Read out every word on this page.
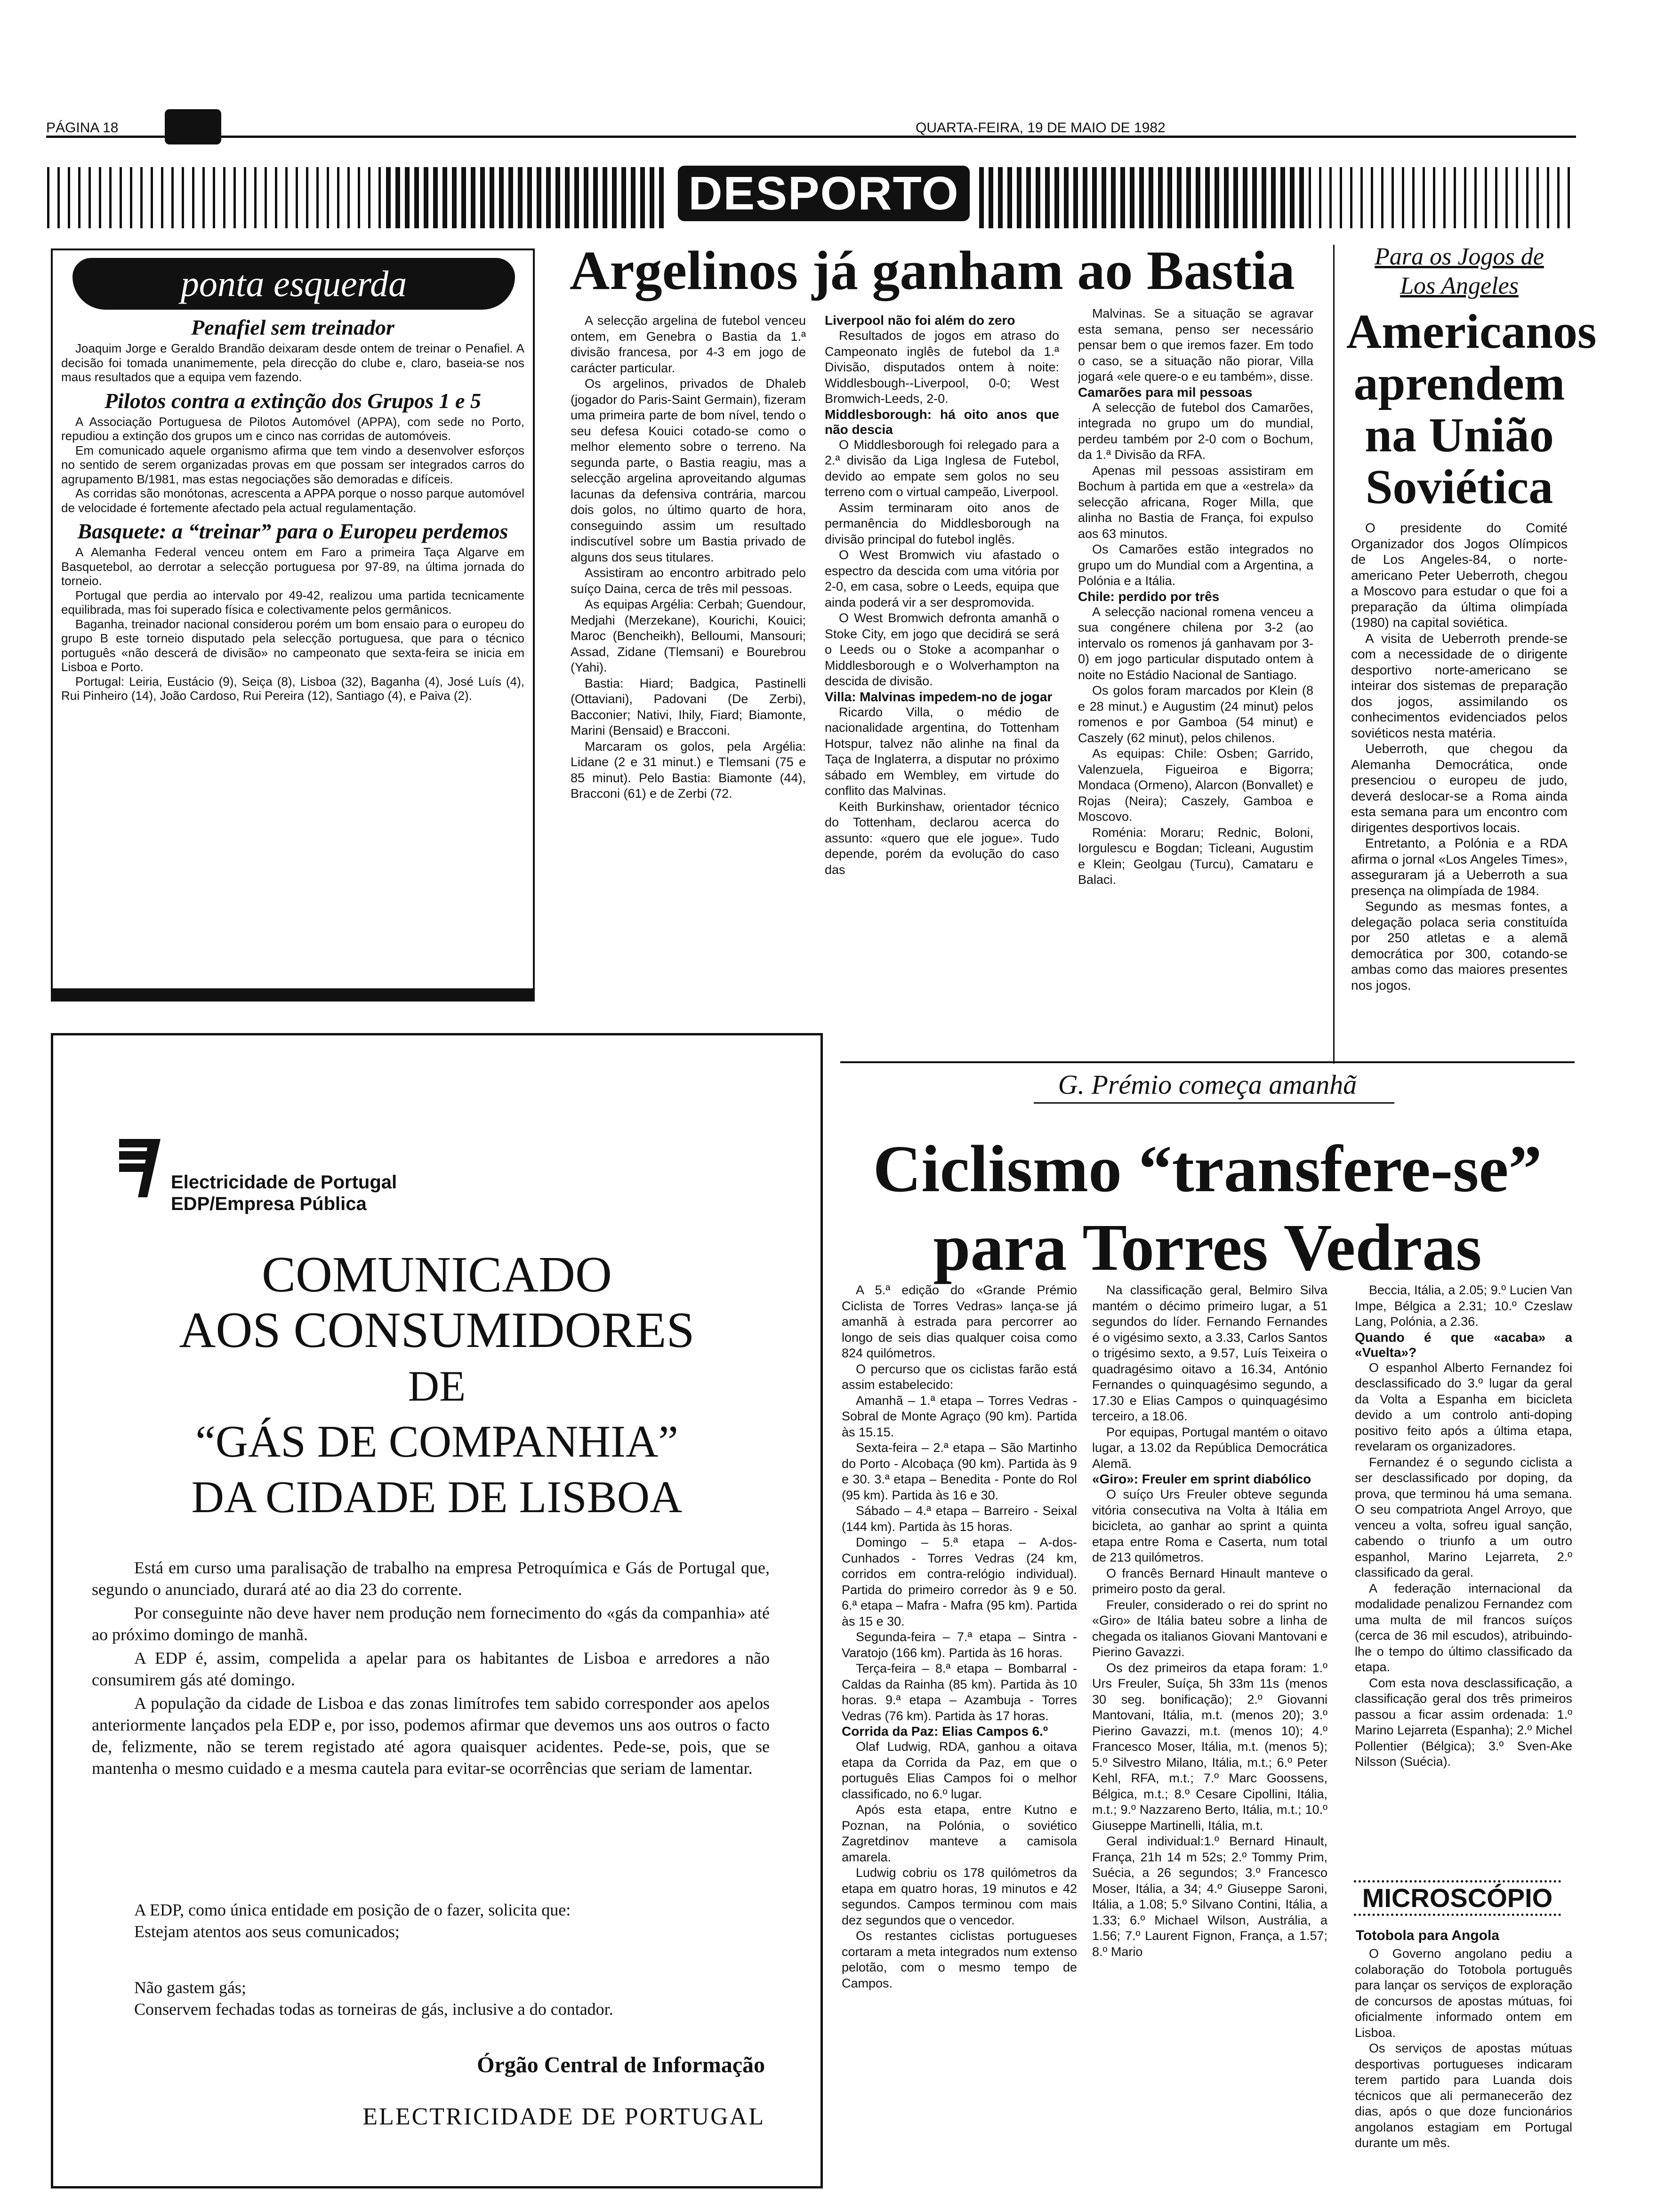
PÁGINA 18	QUARTA-FEIRA, 19 DE MAIO DE 1982
DESPORTO
ponta esquerda
Penafiel sem treinador

Joaquim Jorge e Geraldo Brandão deixaram desde ontem de treinar o Penafiel. A decisão foi tomada unanimemente, pela direcção do clube e, claro, baseia-se nos maus resultados que a equipa vem fazendo.

Pilotos contra a extinção dos Grupos 1 e 5

A Associação Portuguesa de Pilotos Automóvel (APPA), com sede no Porto, repudiou a extinção dos grupos um e cinco nas corridas de automóveis.

Em comunicado aquele organismo afirma que tem vindo a desenvolver esforços no sentido de serem organizadas provas em que possam ser integrados carros do agrupamento B/1981, mas estas negociações são demoradas e difíceis.

As corridas são monótonas, acrescenta a APPA porque o nosso parque automóvel de velocidade é fortemente afectado pela actual regulamentação.

Basquete: a “treinar” para o Europeu perdemos

A Alemanha Federal venceu ontem em Faro a primeira Taça Algarve em Basquetebol, ao derrotar a selecção portuguesa por 97-89, na última jornada do torneio.

Portugal que perdia ao intervalo por 49-42, realizou uma partida tecnicamente equilibrada, mas foi superado física e colectivamente pelos germânicos.

Baganha, treinador nacional considerou porém um bom ensaio para o europeu do grupo B este torneio disputado pela selecção portuguesa, que para o técnico português «não descerá de divisão» no campeonato que sexta-feira se inicia em Lisboa e Porto.

Portugal: Leiria, Eustácio (9), Seiça (8), Lisboa (32), Baganha (4), José Luís (4), Rui Pinheiro (14), João Cardoso, Rui Pereira (12), Santiago (4), e Paiva (2).

Argelinos já ganham ao Bastia

A selecção argelina de futebol venceu ontem, em Genebra o Bastia da 1.ª divisão francesa, por 4-3 em jogo de carácter particular.

Os argelinos, privados de Dhaleb (jogador do Paris-Saint Germain), fizeram uma primeira parte de bom nível, tendo o seu defesa Kouici cotado-se como o melhor elemento sobre o terreno. Na segunda parte, o Bastia reagiu, mas a selecção argelina aproveitando algumas lacunas da defensiva contrária, marcou dois golos, no último quarto de hora, conseguindo assim um resultado indiscutível sobre um Bastia privado de alguns dos seus titulares.

Assistiram ao encontro arbitrado pelo suíço Daina, cerca de três mil pessoas.

As equipas Argélia: Cerbah; Guendour, Medjahi (Merzekane), Kourichi, Kouici; Maroc (Bencheikh), Belloumi, Mansouri; Assad, Zidane (Tlemsani) e Bourebrou (Yahi).

Bastia: Hiard; Badgica, Pastinelli (Ottaviani), Padovani (De Zerbi), Bacconier; Nativi, Ihily, Fiard; Biamonte, Marini (Bensaid) e Bracconi.

Marcaram os golos, pela Argélia: Lidane (2 e 31 minut.) e Tlemsani (75 e 85 minut). Pelo Bastia: Biamonte (44), Bracconi (61) e de Zerbi (72.

Liverpool não foi além do zero

Resultados de jogos em atraso do Campeonato inglês de futebol da 1.ª Divisão, disputados ontem à noite: Widdlesbough--Liverpool, 0-0; West Bromwich-Leeds, 2-0.

Middlesborough: há oito anos que não descia

O Middlesborough foi relegado para a 2.ª divisão da Liga Inglesa de Futebol, devido ao empate sem golos no seu terreno com o virtual campeão, Liverpool.

Assim terminaram oito anos de permanência do Middlesborough na divisão principal do futebol inglês.

O West Bromwich viu afastado o espectro da descida com uma vitória por 2-0, em casa, sobre o Leeds, equipa que ainda poderá vir a ser despromovida.

O West Bromwich defronta amanhã o Stoke City, em jogo que decidirá se será o Leeds ou o Stoke a acompanhar o Middlesborough e o Wolverhampton na descida de divisão.

Villa: Malvinas impedem-no de jogar

Ricardo Villa, o médio de nacionalidade argentina, do Tottenham Hotspur, talvez não alinhe na final da Taça de Inglaterra, a disputar no próximo sábado em Wembley, em virtude do conflito das Malvinas.

Keith Burkinshaw, orientador técnico do Tottenham, declarou acerca do assunto: «quero que ele jogue». Tudo depende, porém da evolução do caso das

Malvinas. Se a situação se agravar esta semana, penso ser necessário pensar bem o que iremos fazer. Em todo o caso, se a situação não piorar, Villa jogará «ele quere-o e eu também», disse.

Camarões para mil pessoas

A selecção de futebol dos Camarões, integrada no grupo um do mundial, perdeu também por 2-0 com o Bochum, da 1.ª Divisão da RFA.

Apenas mil pessoas assistiram em Bochum à partida em que a «estrela» da selecção africana, Roger Milla, que alinha no Bastia de França, foi expulso aos 63 minutos.

Os Camarões estão integrados no grupo um do Mundial com a Argentina, a Polónia e a Itália.

Chile: perdido por três

A selecção nacional romena venceu a sua congénere chilena por 3-2 (ao intervalo os romenos já ganhavam por 3-0) em jogo particular disputado ontem à noite no Estádio Nacional de Santiago.

Os golos foram marcados por Klein (8 e 28 minut.) e Augustim (24 minut) pelos romenos e por Gamboa (54 minut) e Caszely (62 minut), pelos chilenos.

As equipas: Chile: Osben; Garrido, Valenzuela, Figueiroa e Bigorra; Mondaca (Ormeno), Alarcon (Bonvallet) e Rojas (Neira); Caszely, Gamboa e Moscovo.

Roménia: Moraru; Rednic, Boloni, Iorgulescu e Bogdan; Ticleani, Augustim e Klein; Geolgau (Turcu), Camataru e Balaci.

Para os Jogos de Los Angeles
Americanos aprendem na União Soviética

O presidente do Comité Organizador dos Jogos Olímpicos de Los Angeles-84, o norte-americano Peter Ueberroth, chegou a Moscovo para estudar o que foi a preparação da última olimpíada (1980) na capital soviética.

A visita de Ueberroth prende-se com a necessidade de o dirigente desportivo norte-americano se inteirar dos sistemas de preparação dos jogos, assimilando os conhecimentos evidenciados pelos soviéticos nesta matéria.

Ueberroth, que chegou da Alemanha Democrática, onde presenciou o europeu de judo, deverá deslocar-se a Roma ainda esta semana para um encontro com dirigentes desportivos locais.

Entretanto, a Polónia e a RDA afirma o jornal «Los Angeles Times», asseguraram já a Ueberroth a sua presença na olimpíada de 1984.

Segundo as mesmas fontes, a delegação polaca seria constituída por 250 atletas e a alemã democrática por 300, cotando-se ambas como das maiores presentes nos jogos.

Electricidade de Portugal
EDP/Empresa Pública
COMUNICADO
AOS CONSUMIDORES
DE
“GÁS DE COMPANHIA”
DA CIDADE DE LISBOA

Está em curso uma paralisação de trabalho na empresa Petroquímica e Gás de Portugal que, segundo o anunciado, durará até ao dia 23 do corrente.

Por conseguinte não deve haver nem produção nem fornecimento do «gás da companhia» até ao próximo domingo de manhã.

A EDP é, assim, compelida a apelar para os habitantes de Lisboa e arredores a não consumirem gás até domingo.

A população da cidade de Lisboa e das zonas limítrofes tem sabido corresponder aos apelos anteriormente lançados pela EDP e, por isso, podemos afirmar que devemos uns aos outros o facto de, felizmente, não se terem registado até agora quaisquer acidentes. Pede-se, pois, que se mantenha o mesmo cuidado e a mesma cautela para evitar-se ocorrências que seriam de lamentar.

A EDP, como única entidade em posição de o fazer, solicita que:
Estejam atentos aos seus comunicados;
Não gastem gás;
Conservem fechadas todas as torneiras de gás, inclusive a do contador.
Órgão Central de Informação
ELECTRICIDADE DE PORTUGAL
G. Prémio começa amanhã
Ciclismo “transfere-se”
para Torres Vedras

A 5.ª edição do «Grande Prémio Ciclista de Torres Vedras» lança-se já amanhã à estrada para percorrer ao longo de seis dias qualquer coisa como 824 quilómetros.

O percurso que os ciclistas farão está assim estabelecido:

Amanhã – 1.ª etapa – Torres Vedras - Sobral de Monte Agraço (90 km). Partida às 15.15.

Sexta-feira – 2.ª etapa – São Martinho do Porto - Alcobaça (90 km). Partida às 9 e 30. 3.ª etapa – Benedita - Ponte do Rol (95 km). Partida às 16 e 30.

Sábado – 4.ª etapa – Barreiro - Seixal (144 km). Partida às 15 horas.

Domingo – 5.ª etapa – A-dos-Cunhados - Torres Vedras (24 km, corridos em contra-relógio individual). Partida do primeiro corredor às 9 e 50. 6.ª etapa – Mafra - Mafra (95 km). Partida às 15 e 30.

Segunda-feira – 7.ª etapa – Sintra - Varatojo (166 km). Partida às 16 horas.

Terça-feira – 8.ª etapa – Bombarral - Caldas da Rainha (85 km). Partida às 10 horas. 9.ª etapa – Azambuja - Torres Vedras (76 km). Partida às 17 horas.

Corrida da Paz: Elias Campos 6.º

Olaf Ludwig, RDA, ganhou a oitava etapa da Corrida da Paz, em que o português Elias Campos foi o melhor classificado, no 6.º lugar.

Após esta etapa, entre Kutno e Poznan, na Polónia, o soviético Zagretdinov manteve a camisola amarela.

Ludwig cobriu os 178 quilómetros da etapa em quatro horas, 19 minutos e 42 segundos. Campos terminou com mais dez segundos que o vencedor.

Os restantes ciclistas portugueses cortaram a meta integrados num extenso pelotão, com o mesmo tempo de Campos.

Na classificação geral, Belmiro Silva mantém o décimo primeiro lugar, a 51 segundos do líder. Fernando Fernandes é o vigésimo sexto, a 3.33, Carlos Santos o trigésimo sexto, a 9.57, Luís Teixeira o quadragésimo oitavo a 16.34, António Fernandes o quinquagésimo segundo, a 17.30 e Elias Campos o quinquagésimo terceiro, a 18.06.

Por equipas, Portugal mantém o oitavo lugar, a 13.02 da República Democrática Alemã.

«Giro»: Freuler em sprint diabólico

O suíço Urs Freuler obteve segunda vitória consecutiva na Volta à Itália em bicicleta, ao ganhar ao sprint a quinta etapa entre Roma e Caserta, num total de 213 quilómetros.

O francês Bernard Hinault manteve o primeiro posto da geral.

Freuler, considerado o rei do sprint no «Giro» de Itália bateu sobre a linha de chegada os italianos Giovani Mantovani e Pierino Gavazzi.

Os dez primeiros da etapa foram: 1.º Urs Freuler, Suíça, 5h 33m 11s (menos 30 seg. bonificação); 2.º Giovanni Mantovani, Itália, m.t. (menos 20); 3.º Pierino Gavazzi, m.t. (menos 10); 4.º Francesco Moser, Itália, m.t. (menos 5); 5.º Silvestro Milano, Itália, m.t.; 6.º Peter Kehl, RFA, m.t.; 7.º Marc Goossens, Bélgica, m.t.; 8.º Cesare Cipollini, Itália, m.t.; 9.º Nazzareno Berto, Itália, m.t.; 10.º Giuseppe Martinelli, Itália, m.t.

Geral individual:1.º Bernard Hinault, França, 21h 14 m 52s; 2.º Tommy Prim, Suécia, a 26 segundos; 3.º Francesco Moser, Itália, a 34; 4.º Giuseppe Saroni, Itália, a 1.08; 5.º Silvano Contini, Itália, a 1.33; 6.º Michael Wilson, Austrália, a 1.56; 7.º Laurent Fignon, França, a 1.57; 8.º Mario

Beccia, Itália, a 2.05; 9.º Lucien Van Impe, Bélgica a 2.31; 10.º Czeslaw Lang, Polónia, a 2.36.

Quando é que «acaba» a «Vuelta»?

O espanhol Alberto Fernandez foi desclassificado do 3.º lugar da geral da Volta a Espanha em bicicleta devido a um controlo anti-doping positivo feito após a última etapa, revelaram os organizadores.

Fernandez é o segundo ciclista a ser desclassificado por doping, da prova, que terminou há uma semana. O seu compatriota Angel Arroyo, que venceu a volta, sofreu igual sanção, cabendo o triunfo a um outro espanhol, Marino Lejarreta, 2.º classificado da geral.

A federação internacional da modalidade penalizou Fernandez com uma multa de mil francos suíços (cerca de 36 mil escudos), atribuindo-lhe o tempo do último classificado da etapa.

Com esta nova desclassificação, a classificação geral dos três primeiros passou a ficar assim ordenada: 1.º Marino Lejarreta (Espanha); 2.º Michel Pollentier (Bélgica); 3.º Sven-Ake Nilsson (Suécia).

MICROSCÓPIO
Totobola para Angola

O Governo angolano pediu a colaboração do Totobola português para lançar os serviços de exploração de concursos de apostas mútuas, foi oficialmente informado ontem em Lisboa.

Os serviços de apostas mútuas desportivas portugueses indicaram terem partido para Luanda dois técnicos que ali permanecerão dez dias, após o que doze funcionários angolanos estagiam em Portugal durante um mês.
